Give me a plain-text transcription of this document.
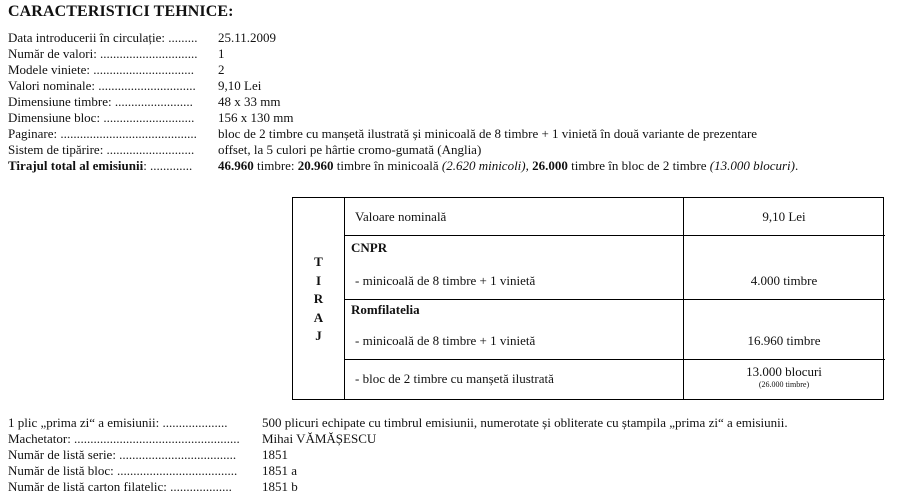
CARACTERISTICI TEHNICE:
Data introducerii în circulație: ......... 25.11.2009
Număr de valori: .............................. 1
Modele viniete: ............................... 2
Valori nominale: .............................. 9,10 Lei
Dimensiune timbre: ........................ 48 x 33 mm
Dimensiune bloc: ............................ 156 x 130 mm
Paginare: .......................................... bloc de 2 timbre cu manșetă ilustrată și minicoală de 8 timbre + 1 vinietă în două variante de prezentare
Sistem de tipărire: ........................... offset, la 5 culori pe hârtie cromo-gumată (Anglia)
Tirajul total al emisiunii: ............. 46.960 timbre: 20.960 timbre în minicoală (2.620 minicoli), 26.000 timbre în bloc de 2 timbre (13.000 blocuri).
T
I
R
A
J
Valoare nominală	9,10 Lei
CNPR
- minicoală de 8 timbre + 1 vinietă	4.000 timbre
Romfilatelia
- minicoală de 8 timbre + 1 vinietă	16.960 timbre
- bloc de 2 timbre cu manșetă ilustrată	13.000 blocuri
(26.000 timbre)
1 plic „prima zi“ a emisiunii: ....................	500 plicuri echipate cu timbrul emisiunii, numerotate și obliterate cu ștampila „prima zi“ a emisiunii.
Machetator: ................................................... Mihai VĂMĂȘESCU
Număr de listă serie: .................................... 1851
Număr de listă bloc: ..................................... 1851 a
Număr de listă carton filatelic: ................... 1851 b
